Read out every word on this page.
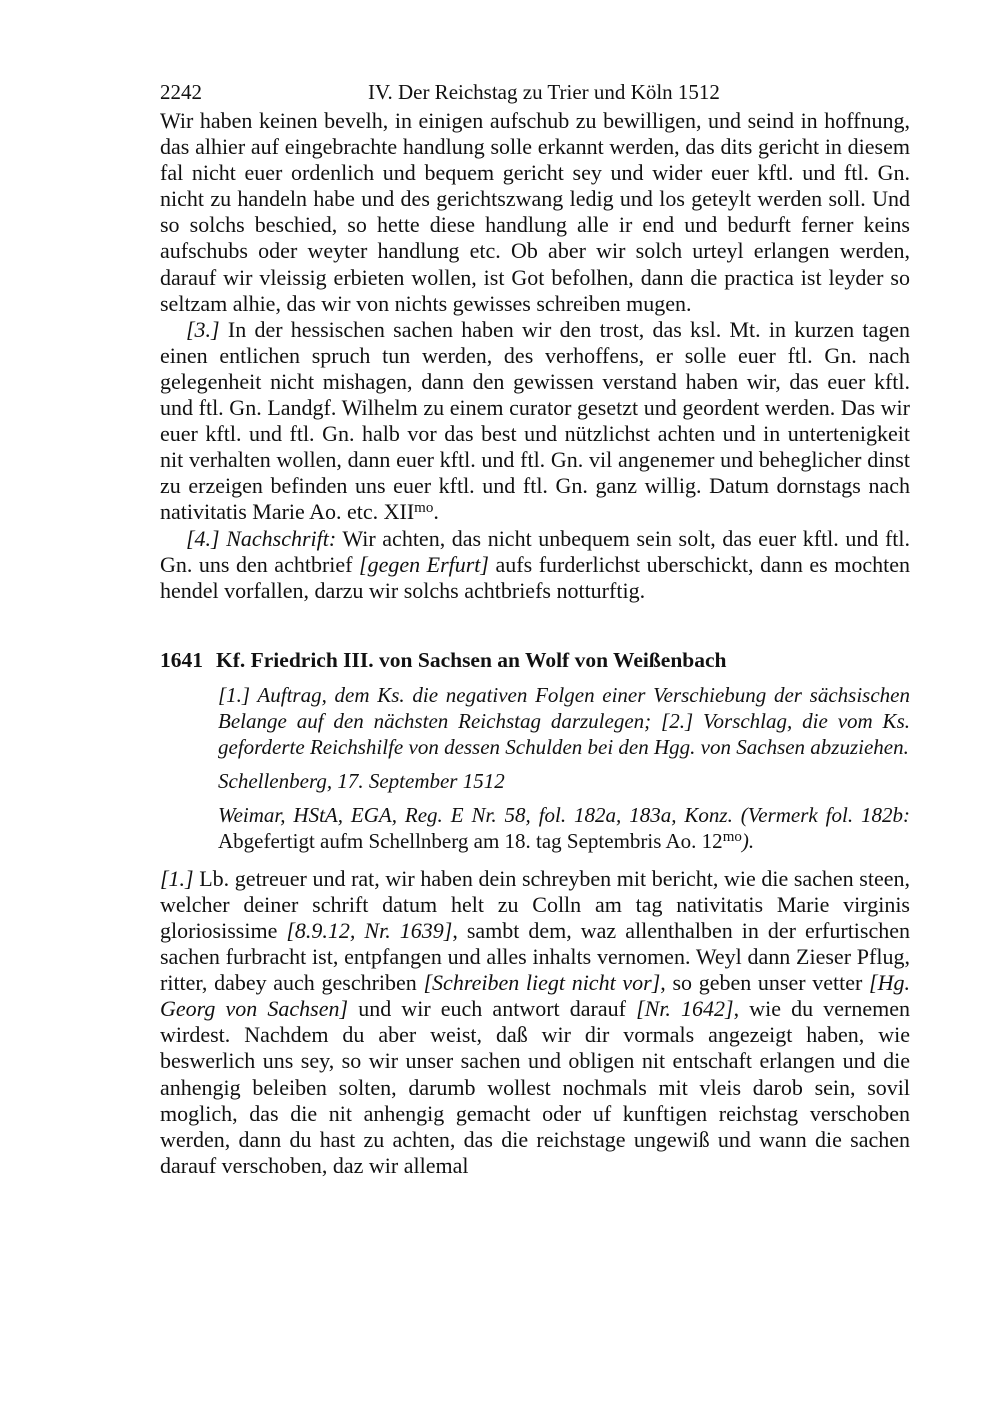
2242	IV. Der Reichstag zu Trier und Köln 1512

Wir haben keinen bevelh, in einigen aufschub zu bewilligen, und seind in hoffnung, das alhier auf eingebrachte handlung solle erkannt werden, das dits gericht in diesem fal nicht euer ordenlich und bequem gericht sey und wider euer kftl. und ftl. Gn. nicht zu handeln habe und des gerichtszwang ledig und los geteylt werden soll. Und so solchs beschied, so hette diese handlung alle ir end und bedurft ferner keins aufschubs oder weyter handlung etc. Ob aber wir solch urteyl erlangen werden, darauf wir vleissig erbieten wollen, ist Got befolhen, dann die practica ist leyder so seltzam alhie, das wir von nichts gewisses schreiben mugen.

[3.] In der hessischen sachen haben wir den trost, das ksl. Mt. in kurzen tagen einen entlichen spruch tun werden, des verhoffens, er solle euer ftl. Gn. nach gelegenheit nicht mishagen, dann den gewissen verstand haben wir, das euer kftl. und ftl. Gn. Landgf. Wilhelm zu einem curator gesetzt und geordent werden. Das wir euer kftl. und ftl. Gn. halb vor das best und nützlichst achten und in untertenigkeit nit verhalten wollen, dann euer kftl. und ftl. Gn. vil angenemer und beheglicher dinst zu erzeigen befinden uns euer kftl. und ftl. Gn. ganz willig. Datum dornstags nach nativitatis Marie Ao. etc. $XII^{mo}$.

[4.] Nachschrift: Wir achten, das nicht unbequem sein solt, das euer kftl. und ftl. Gn. uns den achtbrief [gegen Erfurt] aufs furderlichst uberschickt, dann es mochten hendel vorfallen, darzu wir solchs achtbriefs notturftig.

1641 Kf. Friedrich III. von Sachsen an Wolf von Weißenbach

[1.] Auftrag, dem Ks. die negativen Folgen einer Verschiebung der sächsischen Belange auf den nächsten Reichstag darzulegen; [2.] Vorschlag, die vom Ks. geforderte Reichshilfe von dessen Schulden bei den Hgg. von Sachsen abzuziehen.

Schellenberg, 17. September 1512

Weimar, HStA, EGA, Reg. E Nr. 58, fol. 182a, 183a, Konz. (Vermerk fol. 182b: Abgefertigt aufm Schellnberg am 18. tag Septembris Ao. $12^{mo}$).

[1.] Lb. getreuer und rat, wir haben dein schreyben mit bericht, wie die sachen steen, welcher deiner schrift datum helt zu Colln am tag nativitatis Marie virginis gloriosissime [8.9.12, Nr. 1639], sambt dem, waz allenthalben in der erfurtischen sachen furbracht ist, entpfangen und alles inhalts vernomen. Weyl dann Zieser Pflug, ritter, dabey auch geschriben [Schreiben liegt nicht vor], so geben unser vetter [Hg. Georg von Sachsen] und wir euch antwort darauf [Nr. 1642], wie du vernemen wirdest. Nachdem du aber weist, daß wir dir vormals angezeigt haben, wie beswerlich uns sey, so wir unser sachen und obligen nit entschaft erlangen und die anhengig beleiben solten, darumb wollest nochmals mit vleis darob sein, sovil moglich, das die nit anhengig gemacht oder uf kunftigen reichstag verschoben werden, dann du hast zu achten, das die reichstage ungewiß und wann die sachen darauf verschoben, daz wir allemal
